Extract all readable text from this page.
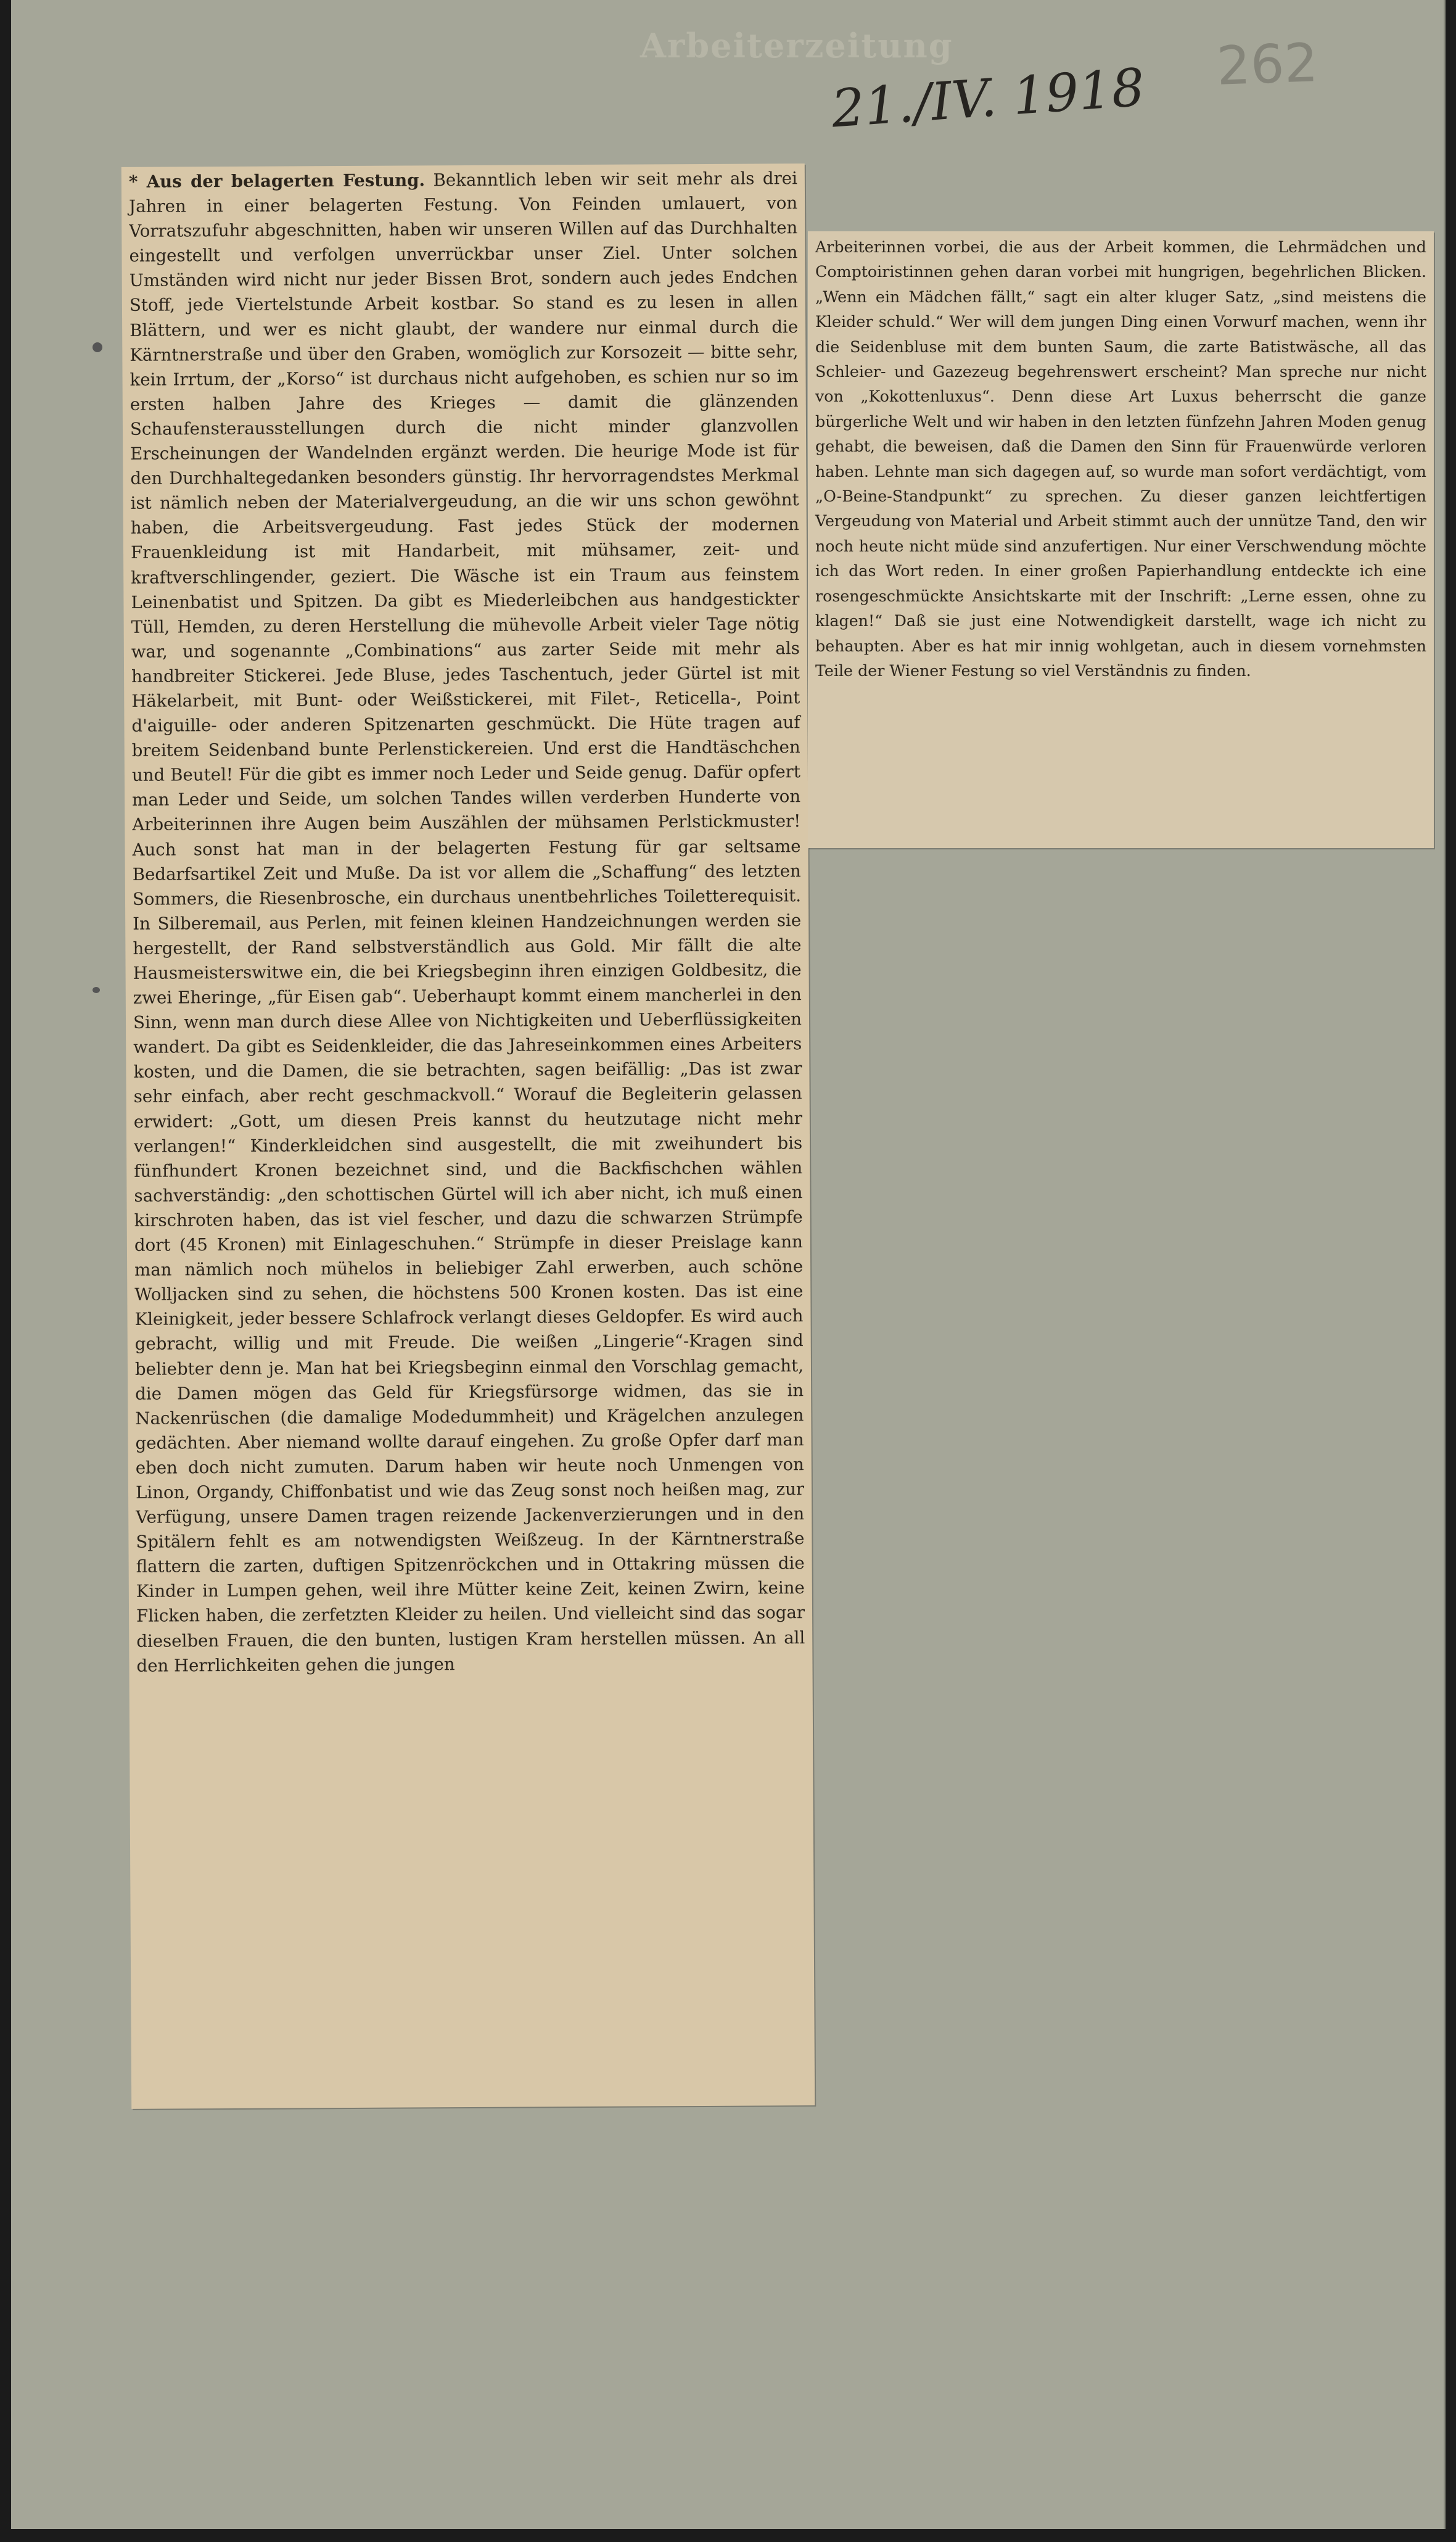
Arbeiterzeitung
21./IV. 1918 262

* Aus der belagerten Festung. Bekanntlich leben wir seit mehr als drei Jahren in einer belagerten Festung. Von Feinden umlauert, von Vorratszufuhr abgeschnitten, haben wir unseren Willen auf das Durchhalten eingestellt und verfolgen unverrückbar unser Ziel. Unter solchen Umständen wird nicht nur jeder Bissen Brot, sondern auch jedes Endchen Stoff, jede Viertelstunde Arbeit kostbar. So stand es zu lesen in allen Blättern, und wer es nicht glaubt, der wandere nur einmal durch die Kärntnerstraße und über den Graben, womöglich zur Korsozeit — bitte sehr, kein Irrtum, der „Korso“ ist durchaus nicht aufgehoben, es schien nur so im ersten halben Jahre des Krieges — damit die glänzenden Schaufensterausstellungen durch die nicht minder glanzvollen Erscheinungen der Wandelnden ergänzt werden. Die heurige Mode ist für den Durchhaltegedanken besonders günstig. Ihr hervorragendstes Merkmal ist nämlich neben der Materialvergeudung, an die wir uns schon gewöhnt haben, die Arbeitsvergeudung. Fast jedes Stück der modernen Frauenkleidung ist mit Handarbeit, mit mühsamer, zeit- und kraftverschlingender, geziert. Die Wäsche ist ein Traum aus feinstem Leinenbatist und Spitzen. Da gibt es Miederleibchen aus handgestickter Tüll, Hemden, zu deren Herstellung die mühevolle Arbeit vieler Tage nötig war, und sogenannte „Combinations“ aus zarter Seide mit mehr als handbreiter Stickerei. Jede Bluse, jedes Taschentuch, jeder Gürtel ist mit Häkelarbeit, mit Bunt- oder Weißstickerei, mit Filet-, Reticella-, Point d'aiguille- oder anderen Spitzenarten geschmückt. Die Hüte tragen auf breitem Seidenband bunte Perlenstickereien. Und erst die Handtäschchen und Beutel! Für die gibt es immer noch Leder und Seide genug. Dafür opfert man Leder und Seide, um solchen Tandes willen verderben Hunderte von Arbeiterinnen ihre Augen beim Auszählen der mühsamen Perlstickmuster! Auch sonst hat man in der belagerten Festung für gar seltsame Bedarfsartikel Zeit und Muße. Da ist vor allem die „Schaffung“ des letzten Sommers, die Riesenbrosche, ein durchaus unentbehrliches Toiletterequisit. In Silberemail, aus Perlen, mit feinen kleinen Handzeichnungen werden sie hergestellt, der Rand selbstverständlich aus Gold. Mir fällt die alte Hausmeisterswitwe ein, die bei Kriegsbeginn ihren einzigen Goldbesitz, die zwei Eheringe, „für Eisen gab“. Ueberhaupt kommt einem mancherlei in den Sinn, wenn man durch diese Allee von Nichtigkeiten und Ueberflüssigkeiten wandert. Da gibt es Seidenkleider, die das Jahreseinkommen eines Arbeiters kosten, und die Damen, die sie betrachten, sagen beifällig: „Das ist zwar sehr einfach, aber recht geschmackvoll.“ Worauf die Begleiterin gelassen erwidert: „Gott, um diesen Preis kannst du heutzutage nicht mehr verlangen!“ Kinderkleidchen sind ausgestellt, die mit zweihundert bis fünfhundert Kronen bezeichnet sind, und die Backfischchen wählen sachverständig: „den schottischen Gürtel will ich aber nicht, ich muß einen kirschroten haben, das ist viel fescher, und dazu die schwarzen Strümpfe dort (45 Kronen) mit Einlageschuhen.“ Strümpfe in dieser Preislage kann man nämlich noch mühelos in beliebiger Zahl erwerben, auch schöne Wolljacken sind zu sehen, die höchstens 500 Kronen kosten. Das ist eine Kleinigkeit, jeder bessere Schlafrock verlangt dieses Geldopfer. Es wird auch gebracht, willig und mit Freude. Die weißen „Lingerie“-Kragen sind beliebter denn je. Man hat bei Kriegsbeginn einmal den Vorschlag gemacht, die Damen mögen das Geld für Kriegsfürsorge widmen, das sie in Nackenrüschen (die damalige Modedummheit) und Krägelchen anzulegen gedächten. Aber niemand wollte darauf eingehen. Zu große Opfer darf man eben doch nicht zumuten. Darum haben wir heute noch Unmengen von Linon, Organdy, Chiffonbatist und wie das Zeug sonst noch heißen mag, zur Verfügung, unsere Damen tragen reizende Jackenverzierungen und in den Spitälern fehlt es am notwendigsten Weißzeug. In der Kärntnerstraße flattern die zarten, duftigen Spitzenröckchen und in Ottakring müssen die Kinder in Lumpen gehen, weil ihre Mütter keine Zeit, keinen Zwirn, keine Flicken haben, die zerfetzten Kleider zu heilen. Und vielleicht sind das sogar dieselben Frauen, die den bunten, lustigen Kram herstellen müssen. An all den Herrlichkeiten gehen die jungen

Arbeiterinnen vorbei, die aus der Arbeit kommen, die Lehrmädchen und Comptoiristinnen gehen daran vorbei mit hungrigen, begehrlichen Blicken. „Wenn ein Mädchen fällt,“ sagt ein alter kluger Satz, „sind meistens die Kleider schuld.“ Wer will dem jungen Ding einen Vorwurf machen, wenn ihr die Seidenbluse mit dem bunten Saum, die zarte Batistwäsche, all das Schleier- und Gazezeug begehrenswert erscheint? Man spreche nur nicht von „Kokottenluxus“. Denn diese Art Luxus beherrscht die ganze bürgerliche Welt und wir haben in den letzten fünfzehn Jahren Moden genug gehabt, die beweisen, daß die Damen den Sinn für Frauenwürde verloren haben. Lehnte man sich dagegen auf, so wurde man sofort verdächtigt, vom „O-Beine-Standpunkt“ zu sprechen. Zu dieser ganzen leichtfertigen Vergeudung von Material und Arbeit stimmt auch der unnütze Tand, den wir noch heute nicht müde sind anzufertigen. Nur einer Verschwendung möchte ich das Wort reden. In einer großen Papierhandlung entdeckte ich eine rosengeschmückte Ansichtskarte mit der Inschrift: „Lerne essen, ohne zu klagen!“ Daß sie just eine Notwendigkeit darstellt, wage ich nicht zu behaupten. Aber es hat mir innig wohlgetan, auch in diesem vornehmsten Teile der Wiener Festung so viel Verständnis zu finden.
